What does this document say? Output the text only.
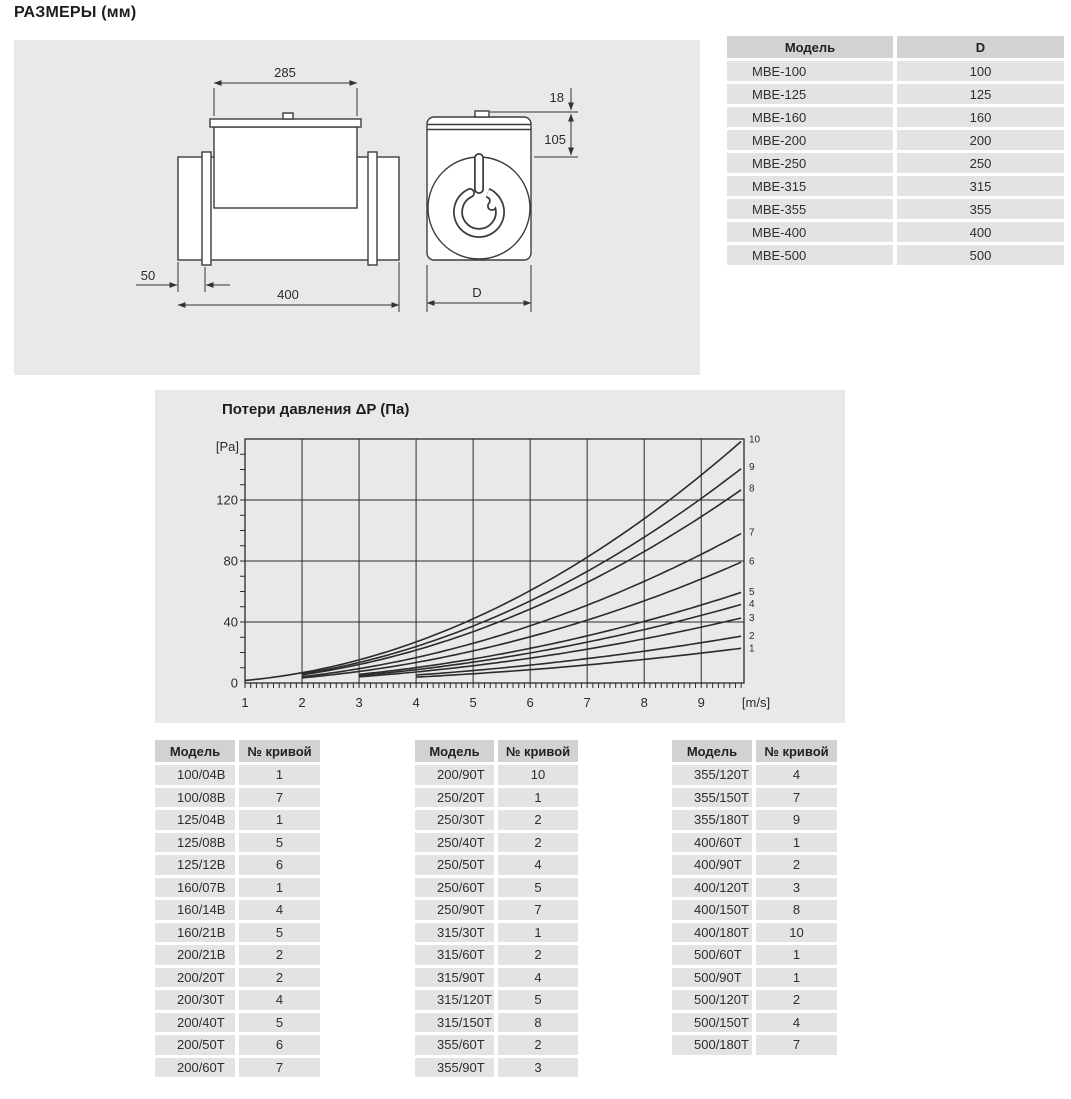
РАЗМЕРЫ (мм)
285
50
400
18
105
D
Модель	D
MBE-100	100
MBE-125	125
MBE-160	160
MBE-200	200
MBE-250	250
MBE-315	315
MBE-355	355
MBE-400	400
MBE-500	500
Потери давления ΔP (Па)
1	2	3	4	5	6	7	8	9
0
40
80
120
[Pa]
[m/s]
1
2
3
4
5
6
7
8
9
10
Модель	№ кривой
100/04B	1
100/08B	7
125/04B	1
125/08B	5
125/12B	6
160/07B	1
160/14B	4
160/21B	5
200/21B	2
200/20T	2
200/30T	4
200/40T	5
200/50T	6
200/60T	7
Модель	№ кривой
200/90T	10
250/20T	1
250/30T	2
250/40T	2
250/50T	4
250/60T	5
250/90T	7
315/30T	1
315/60T	2
315/90T	4
315/120T	5
315/150T	8
355/60T	2
355/90T	3
Модель	№ кривой
355/120T	4
355/150T	7
355/180T	9
400/60T	1
400/90T	2
400/120T	3
400/150T	8
400/180T	10
500/60T	1
500/90T	1
500/120T	2
500/150T	4
500/180T	7
